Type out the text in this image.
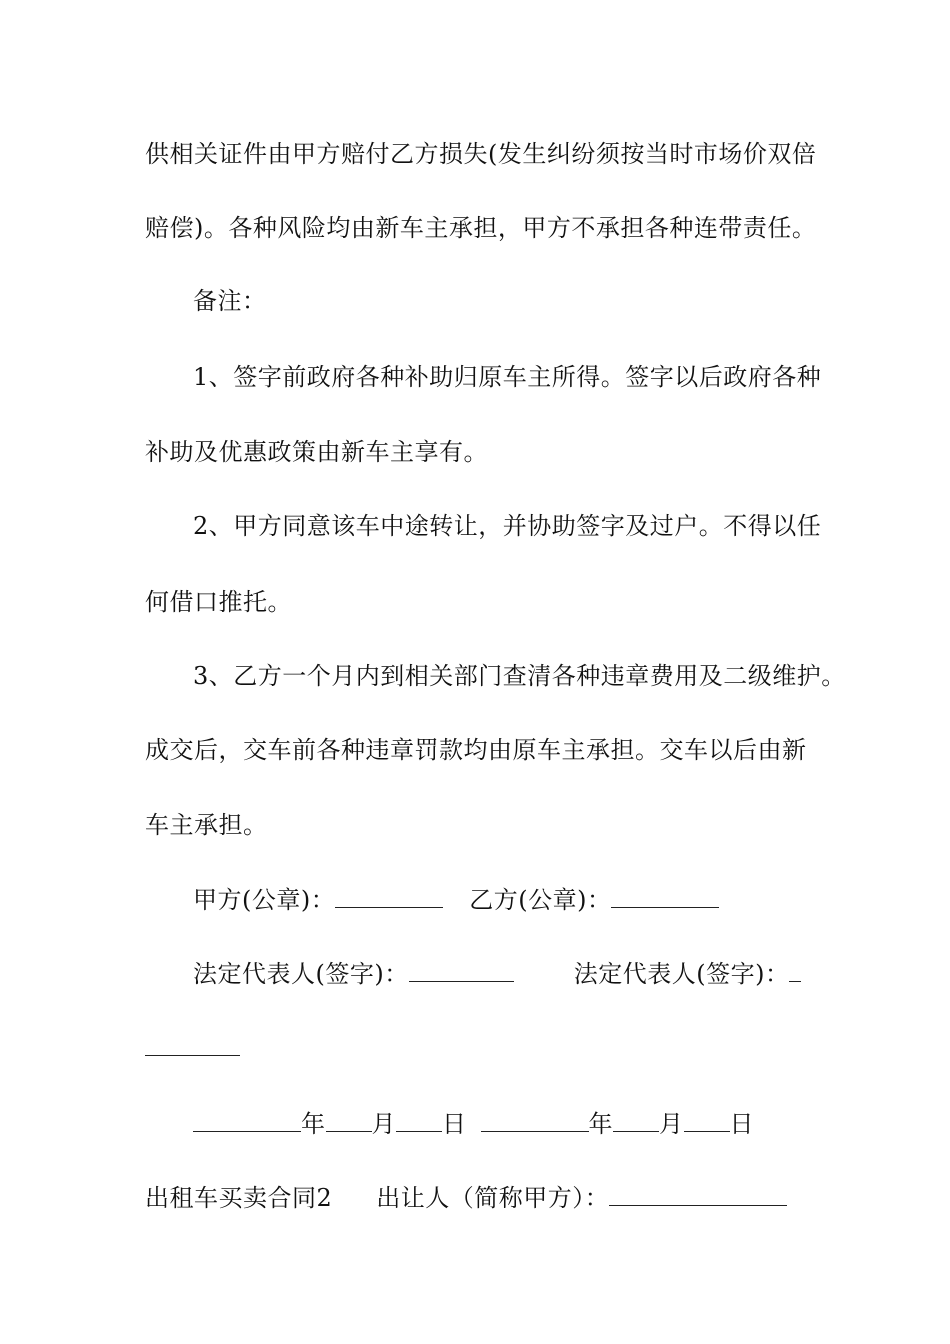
供相关证件由甲方赔付乙方损失(发生纠纷须按当时市场价双倍
赔偿)。各种风险均由新车主承担，甲方不承担各种连带责任。
备注：
1、签字前政府各种补助归原车主所得。签字以后政府各种
补助及优惠政策由新车主享有。
2、甲方同意该车中途转让，并协助签字及过户。不得以任
何借口推托。
3、乙方一个月内到相关部门查清各种违章费用及二级维护。
成交后，交车前各种违章罚款均由原车主承担。交车以后由新
车主承担。
甲方(公章)：	乙方(公章)：
法定代表人(签字)：	法定代表人(签字)：
年 月 日	年 月 日
出租车买卖合同2 出让人（简称甲方）：
